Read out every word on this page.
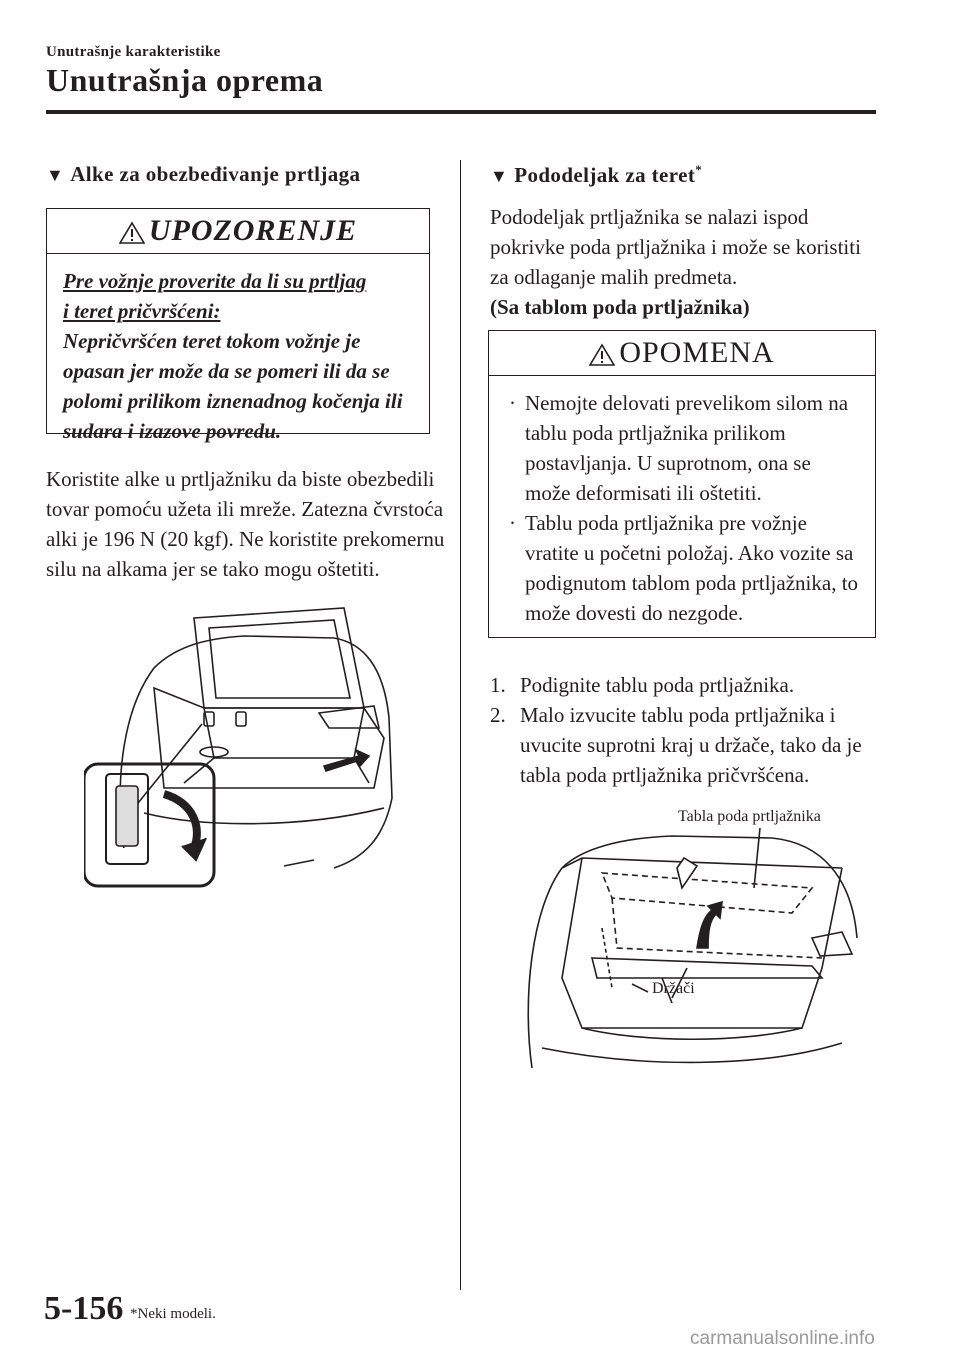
Unutrašnje karakteristike
Unutrašnja oprema
▼ Alke za obezbeđivanje prtljaga
UPOZORENJE
Pre vožnje proverite da li su prtljag
i teret pričvršćeni:
Nepričvršćen teret tokom vožnje je opasan jer može da se pomeri ili da se polomi prilikom iznenadnog kočenja ili sudara i izazove povredu.
Koristite alke u prtljažniku da biste obezbedili tovar pomoću užeta ili mreže. Zatezna čvrstoća alki je 196 N (20 kgf). Ne koristite prekomernu silu na alkama jer se tako mogu oštetiti.
▼ Pododeljak za teret*
Pododeljak prtljažnika se nalazi ispod pokrivke poda prtljažnika i može se koristiti za odlaganje malih predmeta.
(Sa tablom poda prtljažnika)
OPOMENA
· Nemojte delovati prevelikom silom na tablu poda prtljažnika prilikom postavljanja. U suprotnom, ona se može deformisati ili oštetiti.
· Tablu poda prtljažnika pre vožnje vratite u početni položaj. Ako vozite sa podignutom tablom poda prtljažnika, to može dovesti do nezgode.
1. Podignite tablu poda prtljažnika.
2. Malo izvucite tablu poda prtljažnika i uvucite suprotni kraj u držače, tako da je tabla poda prtljažnika pričvršćena.
Tabla poda prtljažnika
Držači
5-156 *Neki modeli.
carmanualsonline.info
